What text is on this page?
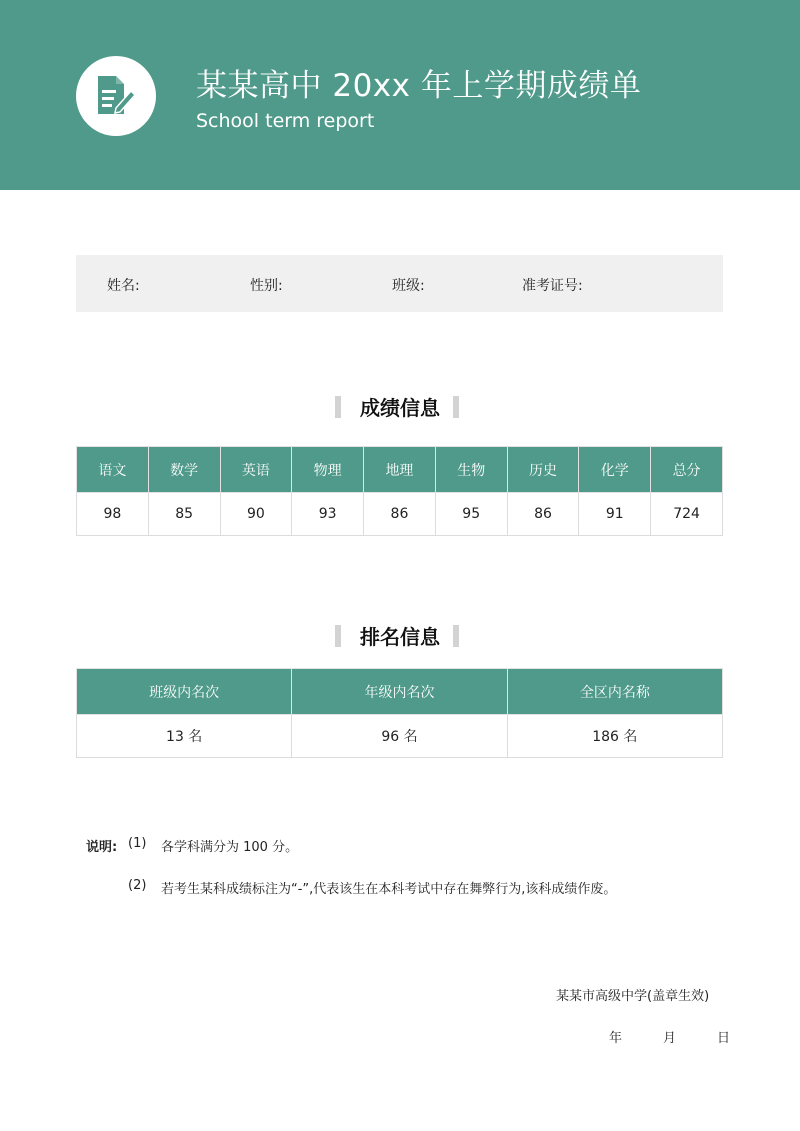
某某高中 20xx 年上学期成绩单
School term report
姓名:	性别:	班级:	准考证号:
成绩信息
语文	数学	英语	物理	地理	生物	历史	化学	总分
98	85	90	93	86	95	86	91	724
排名信息
班级内名次	年级内名次	全区内名称
13 名	96 名	186 名
说明: (1) 各学科满分为 100 分。
(2) 若考生某科成绩标注为“-”,代表该生在本科考试中存在舞弊行为,该科成绩作废。
某某市高级中学(盖章生效)
年	月	日
